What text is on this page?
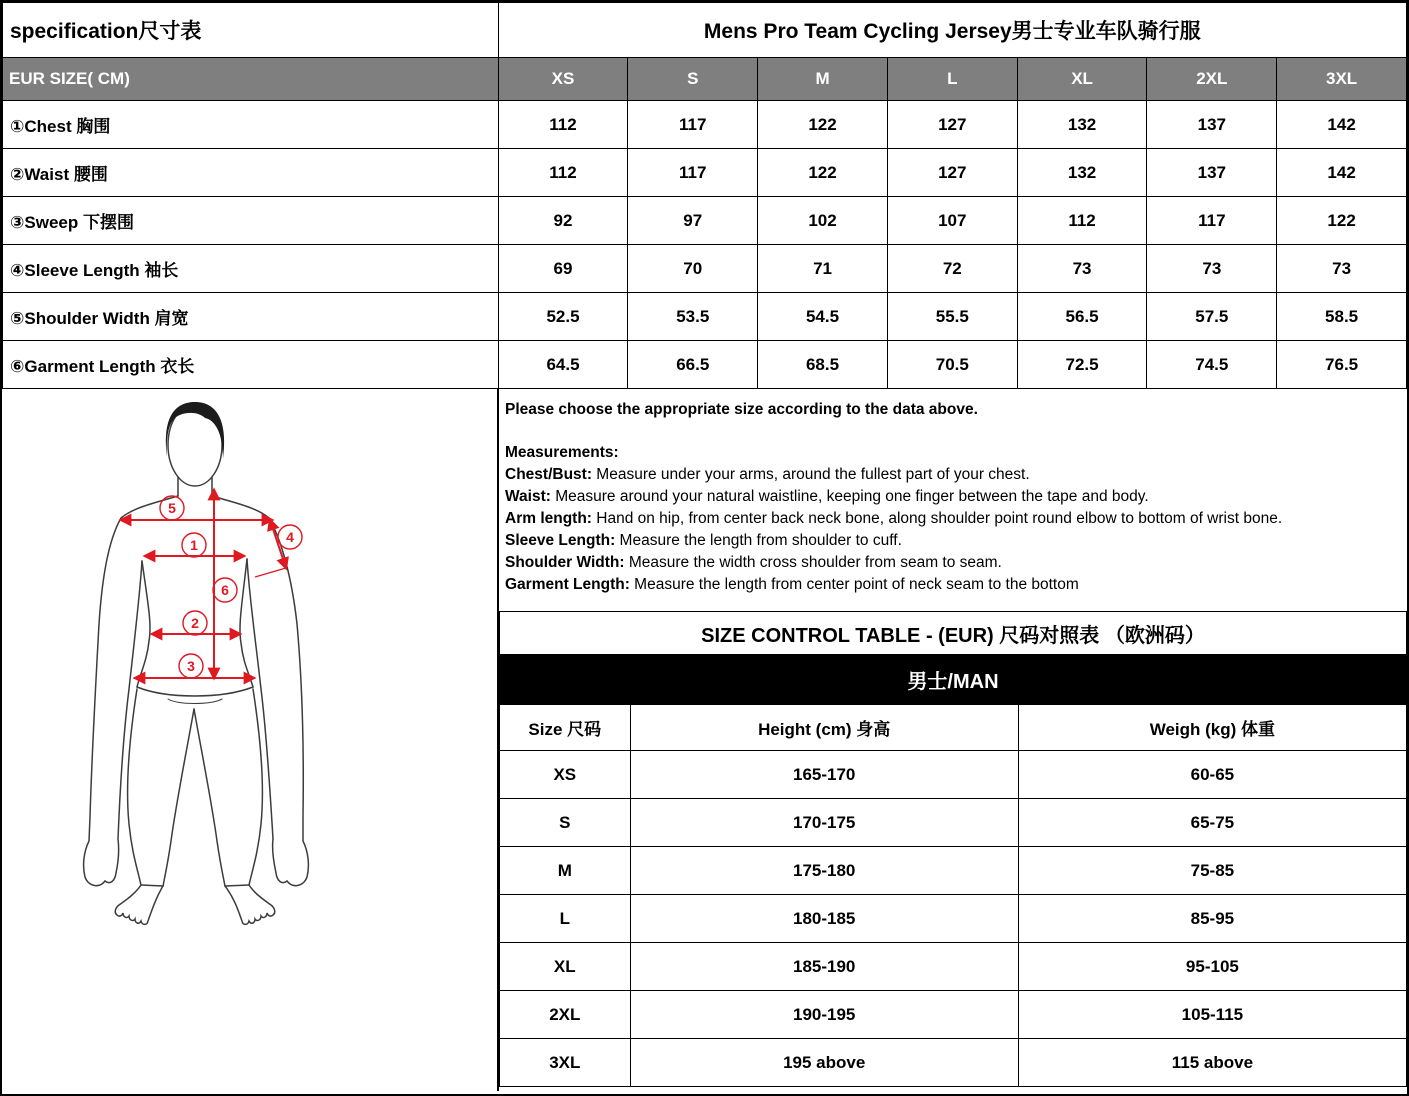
specification尺寸表	Mens Pro Team Cycling Jersey男士专业车队骑行服						
EUR SIZE( CM)	XS	S	M	L	XL	2XL	3XL
①Chest 胸围	112	117	122	127	132	137	142
②Waist 腰围	112	117	122	127	132	137	142
③Sweep 下摆围	92	97	102	107	112	117	122
④Sleeve Length 袖长	69	70	71	72	73	73	73
⑤Shoulder Width 肩宽	52.5	53.5	54.5	55.5	56.5	57.5	58.5
⑥Garment Length 衣长	64.5	66.5	68.5	70.5	72.5	74.5	76.5
5
1	4
6
2
3
Please choose the appropriate size according to the data above.
Measurements:
Chest/Bust: Measure under your arms, around the fullest part of your chest.
Waist: Measure around your natural waistline, keeping one finger between the tape and body.
Arm length: Hand on hip, from center back neck bone, along shoulder point round elbow to bottom of wrist bone.
Sleeve Length: Measure the length from shoulder to cuff.
Shoulder Width: Measure the width cross shoulder from seam to seam.
Garment Length: Measure the length from center point of neck seam to the bottom
SIZE CONTROL TABLE - (EUR) 尺码对照表 （欧洲码）		
男士/MAN		
Size 尺码	Height (cm) 身高	Weigh (kg) 体重
XS	165-170	60-65
S	170-175	65-75
M	175-180	75-85
L	180-185	85-95
XL	185-190	95-105
2XL	190-195	105-115
3XL	195 above	115 above
